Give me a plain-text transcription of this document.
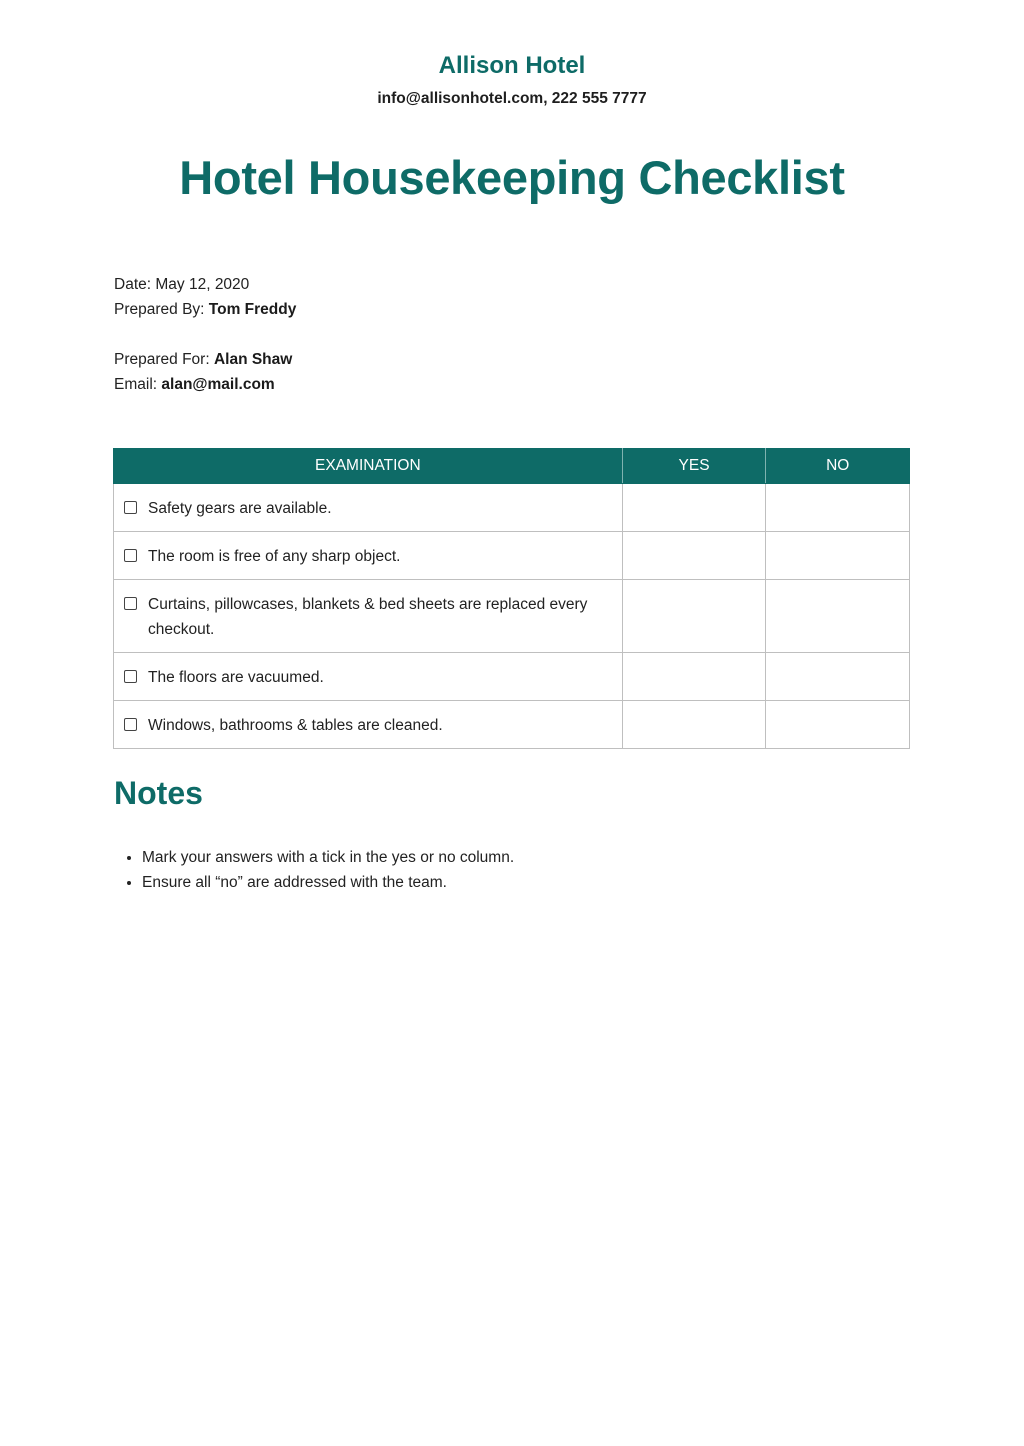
Allison Hotel
info@allisonhotel.com, 222 555 7777
Hotel Housekeeping Checklist
Date: May 12, 2020
Prepared By: Tom Freddy
Prepared For: Alan Shaw
Email: alan@mail.com
EXAMINATION	YES	NO

Safety gears are available.		

The room is free of any sharp object.		

Curtains, pillowcases, blankets & bed sheets are replaced every checkout.		

The floors are vacuumed.		

Windows, bathrooms & tables are cleaned.		

Notes
• Mark your answers with a tick in the yes or no column.
• Ensure all “no” are addressed with the team.
